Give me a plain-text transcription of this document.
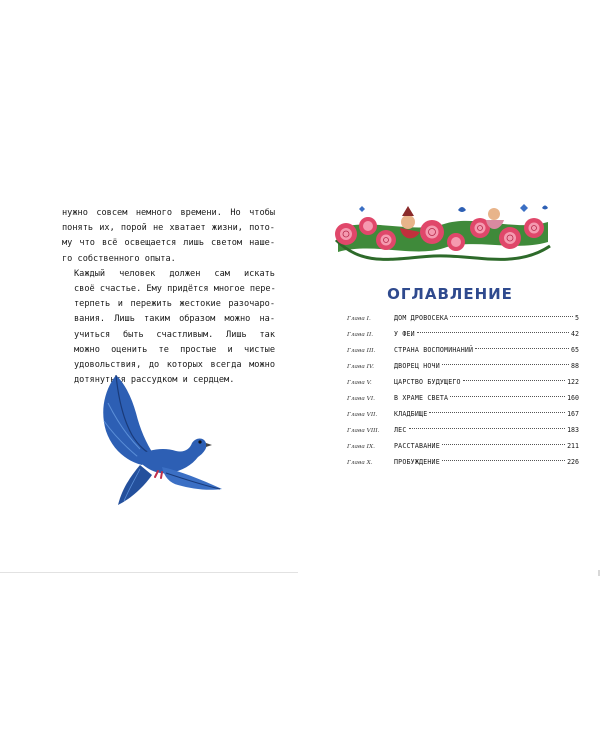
нужно совсем немного времени. Но чтобы
понять их, порой не хватает жизни, пото-
му что всё освещается лишь светом наше-
го собственного опыта.

Каждый человек должен сам искать
своё счастье. Ему придётся многое пере-
терпеть и пережить жестокие разочаро-
вания. Лишь таким образом можно на-
учиться быть счастливым. Лишь так
можно оценить те простые и чистые
удовольствия, до которых всегда можно
дотянуться рассудком и сердцем.

ОГЛАВЛЕНИЕ
Глава I.	ДОМ ДРОВОСЕКА	5
Глава II.	У ФЕИ	42
Глава III.	СТРАНА ВОСПОМИНАНИЙ	65
Глава IV.	ДВОРЕЦ НОЧИ	88
Глава V.	ЦАРСТВО БУДУЩЕГО	122
Глава VI.	В ХРАМЕ СВЕТА	160
Глава VII.	КЛАДБИЩЕ	167
Глава VIII.	ЛЕС	183
Глава IX.	РАССТАВАНИЕ	211
Глава X.	ПРОБУЖДЕНИЕ	226
